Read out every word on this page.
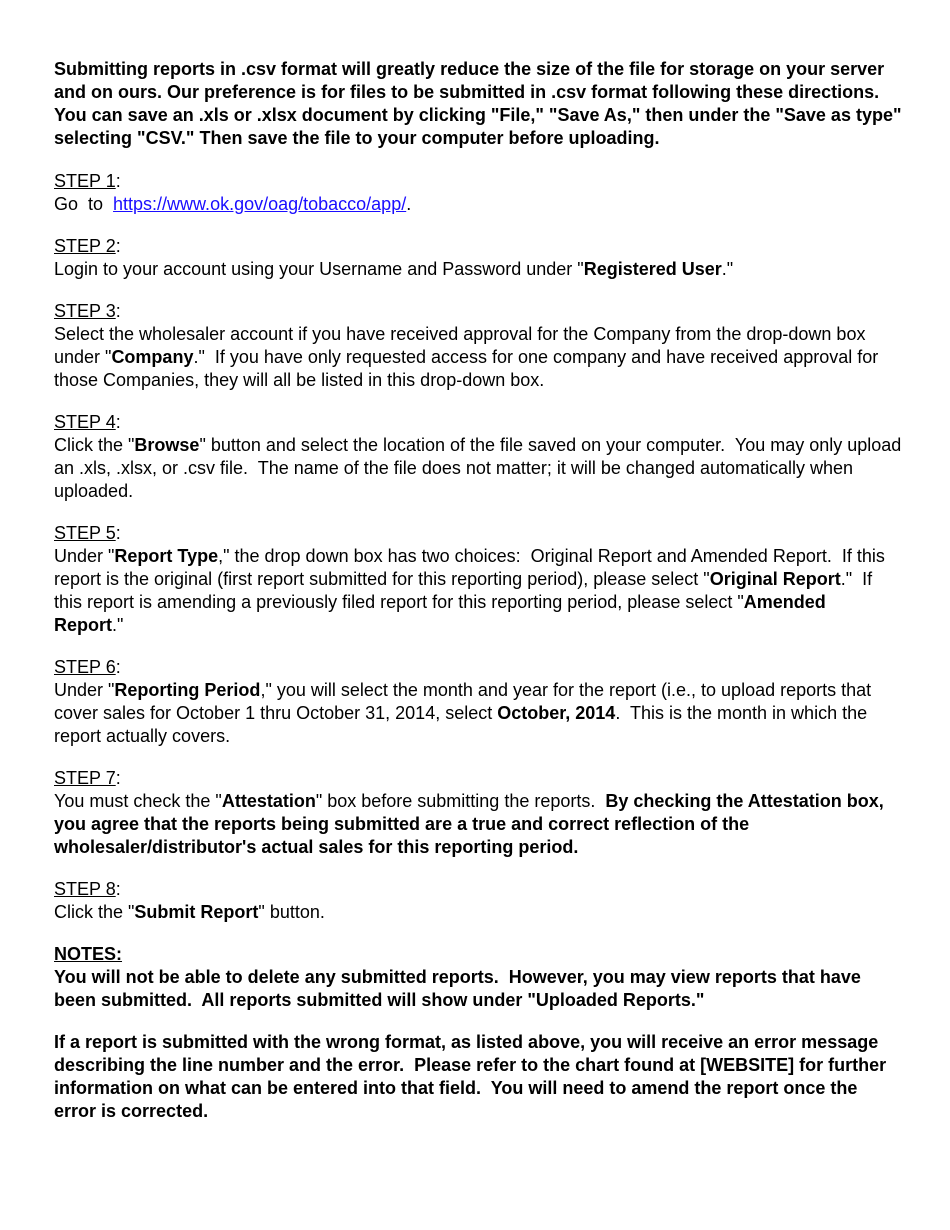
Submitting reports in .csv format will greatly reduce the size of the file for storage on your server and on ours. Our preference is for files to be submitted in .csv format following these directions. You can save an .xls or .xlsx document by clicking "File," "Save As," then under the "Save as type" selecting "CSV." Then save the file to your computer before uploading.

STEP 1:
Go  to  https://www.ok.gov/oag/tobacco/app/.
STEP 2:
Login to your account using your Username and Password under "Registered User."
STEP 3:
Select the wholesaler account if you have received approval for the Company from the drop-down box under "Company."  If you have only requested access for one company and have received approval for those Companies, they will all be listed in this drop-down box.
STEP 4:
Click the "Browse" button and select the location of the file saved on your computer.  You may only upload an .xls, .xlsx, or .csv file.  The name of the file does not matter; it will be changed automatically when uploaded.
STEP 5:
Under "Report Type," the drop down box has two choices:  Original Report and Amended Report.  If this report is the original (first report submitted for this reporting period), please select "Original Report."  If this report is amending a previously filed report for this reporting period, please select "Amended  Report."
STEP 6:
Under "Reporting Period," you will select the month and year for the report (i.e., to upload reports that cover sales for October 1 thru October 31, 2014, select October, 2014.  This is the month in which the report actually covers.
STEP 7:
You must check the "Attestation" box before submitting the reports.  By checking the Attestation box, you agree that the reports being submitted are a true and correct reflection of the wholesaler/distributor's actual sales for this reporting period.
STEP 8:
Click the "Submit Report" button.
NOTES:
You will not be able to delete any submitted reports.  However, you may view reports that have been submitted.  All reports submitted will show under "Uploaded Reports."

If a report is submitted with the wrong format, as listed above, you will receive an error message describing the line number and the error.  Please refer to the chart found at [WEBSITE] for further information on what can be entered into that field.  You will need to amend the report once the error is corrected.
